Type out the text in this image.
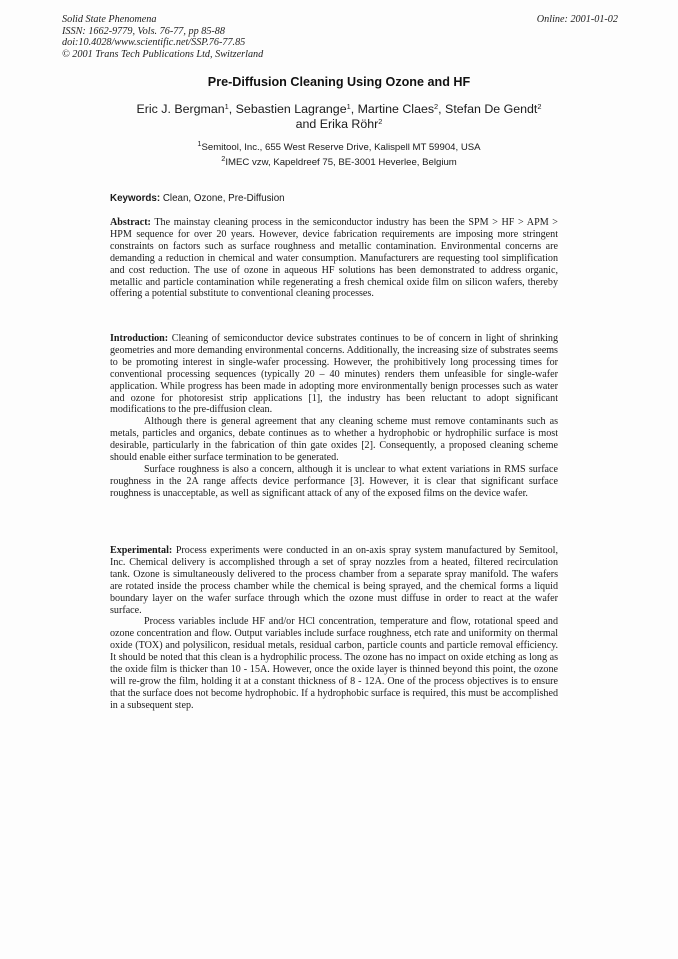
Solid State Phenomena
ISSN: 1662-9779, Vols. 76-77, pp 85-88
doi:10.4028/www.scientific.net/SSP.76-77.85
© 2001 Trans Tech Publications Ltd, Switzerland
Online: 2001-01-02
Pre-Diffusion Cleaning Using Ozone and HF
Eric J. Bergman$^1$, Sebastien Lagrange$^1$, Martine Claes$^2$, Stefan De Gendt$^2$
and Erika Röhr$^2$
$^1$Semitool, Inc., 655 West Reserve Drive, Kalispell MT 59904, USA
$^2$IMEC vzw, Kapeldreef 75, BE-3001 Heverlee, Belgium
Keywords: Clean, Ozone, Pre-Diffusion

Abstract: The mainstay cleaning process in the semiconductor industry has been the SPM > HF > APM > HPM sequence for over 20 years. However, device fabrication requirements are imposing more stringent constraints on factors such as surface roughness and metallic contamination. Environmental concerns are demanding a reduction in chemical and water consumption. Manufacturers are requesting tool simplification and cost reduction. The use of ozone in aqueous HF solutions has been demonstrated to address organic, metallic and particle contamination while regenerating a fresh chemical oxide film on silicon wafers, thereby offering a potential substitute to conventional cleaning processes.

Introduction: Cleaning of semiconductor device substrates continues to be of concern in light of shrinking geometries and more demanding environmental concerns. Additionally, the increasing size of substrates seems to be promoting interest in single-wafer processing. However, the prohibitively long processing times for conventional processing sequences (typically 20 – 40 minutes) renders them unfeasible for single-wafer application. While progress has been made in adopting more environmentally benign processes such as water and ozone for photoresist strip applications [1], the industry has been reluctant to adopt significant modifications to the pre-diffusion clean.

Although there is general agreement that any cleaning scheme must remove contaminants such as metals, particles and organics, debate continues as to whether a hydrophobic or hydrophilic surface is most desirable, particularly in the fabrication of thin gate oxides [2]. Consequently, a proposed cleaning scheme should enable either surface termination to be generated.

Surface roughness is also a concern, although it is unclear to what extent variations in RMS surface roughness in the 2A range affects device performance [3]. However, it is clear that significant surface roughness is unacceptable, as well as significant attack of any of the exposed films on the device wafer.

Experimental: Process experiments were conducted in an on-axis spray system manufactured by Semitool, Inc. Chemical delivery is accomplished through a set of spray nozzles from a heated, filtered recirculation tank. Ozone is simultaneously delivered to the process chamber from a separate spray manifold. The wafers are rotated inside the process chamber while the chemical is being sprayed, and the chemical forms a liquid boundary layer on the wafer surface through which the ozone must diffuse in order to react at the wafer surface.

Process variables include HF and/or HCl concentration, temperature and flow, rotational speed and ozone concentration and flow. Output variables include surface roughness, etch rate and uniformity on thermal oxide (TOX) and polysilicon, residual metals, residual carbon, particle counts and particle removal efficiency. It should be noted that this clean is a hydrophilic process. The ozone has no impact on oxide etching as long as the oxide film is thicker than 10 - 15A. However, once the oxide layer is thinned beyond this point, the ozone will re-grow the film, holding it at a constant thickness of 8 - 12A. One of the process objectives is to ensure that the surface does not become hydrophobic. If a hydrophobic surface is required, this must be accomplished in a subsequent step.
